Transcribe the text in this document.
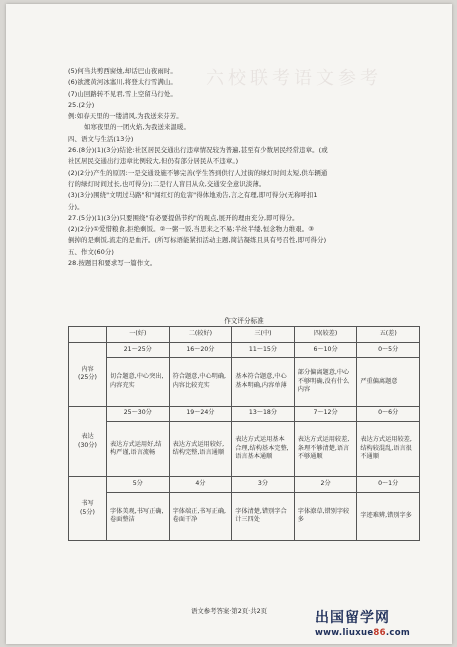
六校联考语文参考
(5)何当共剪西窗烛,却话巴山夜雨时。
(6)欲渡黄河冰塞川,将登太行雪满山。
(7)山回路转不见君,雪上空留马行处。
25.(2分)
例:如春天里的一缕清风,为我送来芬芳。
如寒夜里的一团火焰,为我送来温暖。
四、语文与生活(13分)
26.(8分)(1)(3分)结论:社区居民交通出行违章情况较为普遍,甚至有少数居民经常违章。(或
社区居民交通出行违章比例较大,但仍有部分居民从不违章。)
(2)(2分)产生的原因:一是交通设施不够完善(学生答到供行人过街的绿灯时间太短,供车辆通
行的绿灯时间过长,也可得分);二是行人盲目从众,交通安全意识淡薄。
(3)(3分)围绕"文明过马路"和"闯红灯的危害"得体地劝告,言之有理,即可得分(无称呼扣1
分)。
27.(5分)(1)(3分)只要围绕"有必要提倡节约"的观点,展开的理由充分,即可得分。
(2)(2分)①爱惜粮食,拒绝剩饭。②一粥一饭,当思来之不易;半丝半缕,恒念物力维艰。③
倒掉的是剩饭,流走的是血汗。(所写标语能紧扣活动主题,简洁凝练且具有号召性,即可得分)
五、作文(60分)
28.按题目和要求写一篇作文。
作文评分标准
	一(好)	二(较好)	三(中)	四(较差)	五(差)
内容
(25分)	21～25分	16～20分	11～15分	6～10分	0～5分
	切合题意,中心突出,内容充实	符合题意,中心明确,内容比较充实	基本符合题意,中心基本明确,内容单薄	部分偏离题意,中心不够明确,没有什么内容	严重偏离题意
表达
(30分)	25～30分	19～24分	13～18分	7～12分	0～6分
	表达方式运用好,结构严谨,语言流畅	表达方式运用较好,结构完整,语言通顺	表达方式运用基本合理,结构基本完整,语言基本通顺	表达方式运用较差,条理不够清楚,语言不够通顺	表达方式运用较差,结构较混乱,语言很不通顺
书写
(5分)	5分	4分	3分	2分	0～1分
	字体美观,书写正确,卷面整洁	字体端正,书写正确,卷面干净	字体清楚,错别字合计三四处	字体潦草,错别字较多	字迹难辨,错别字多
语文参考答案·第2页·共2页	出国留学网
www.liuxue86.com
